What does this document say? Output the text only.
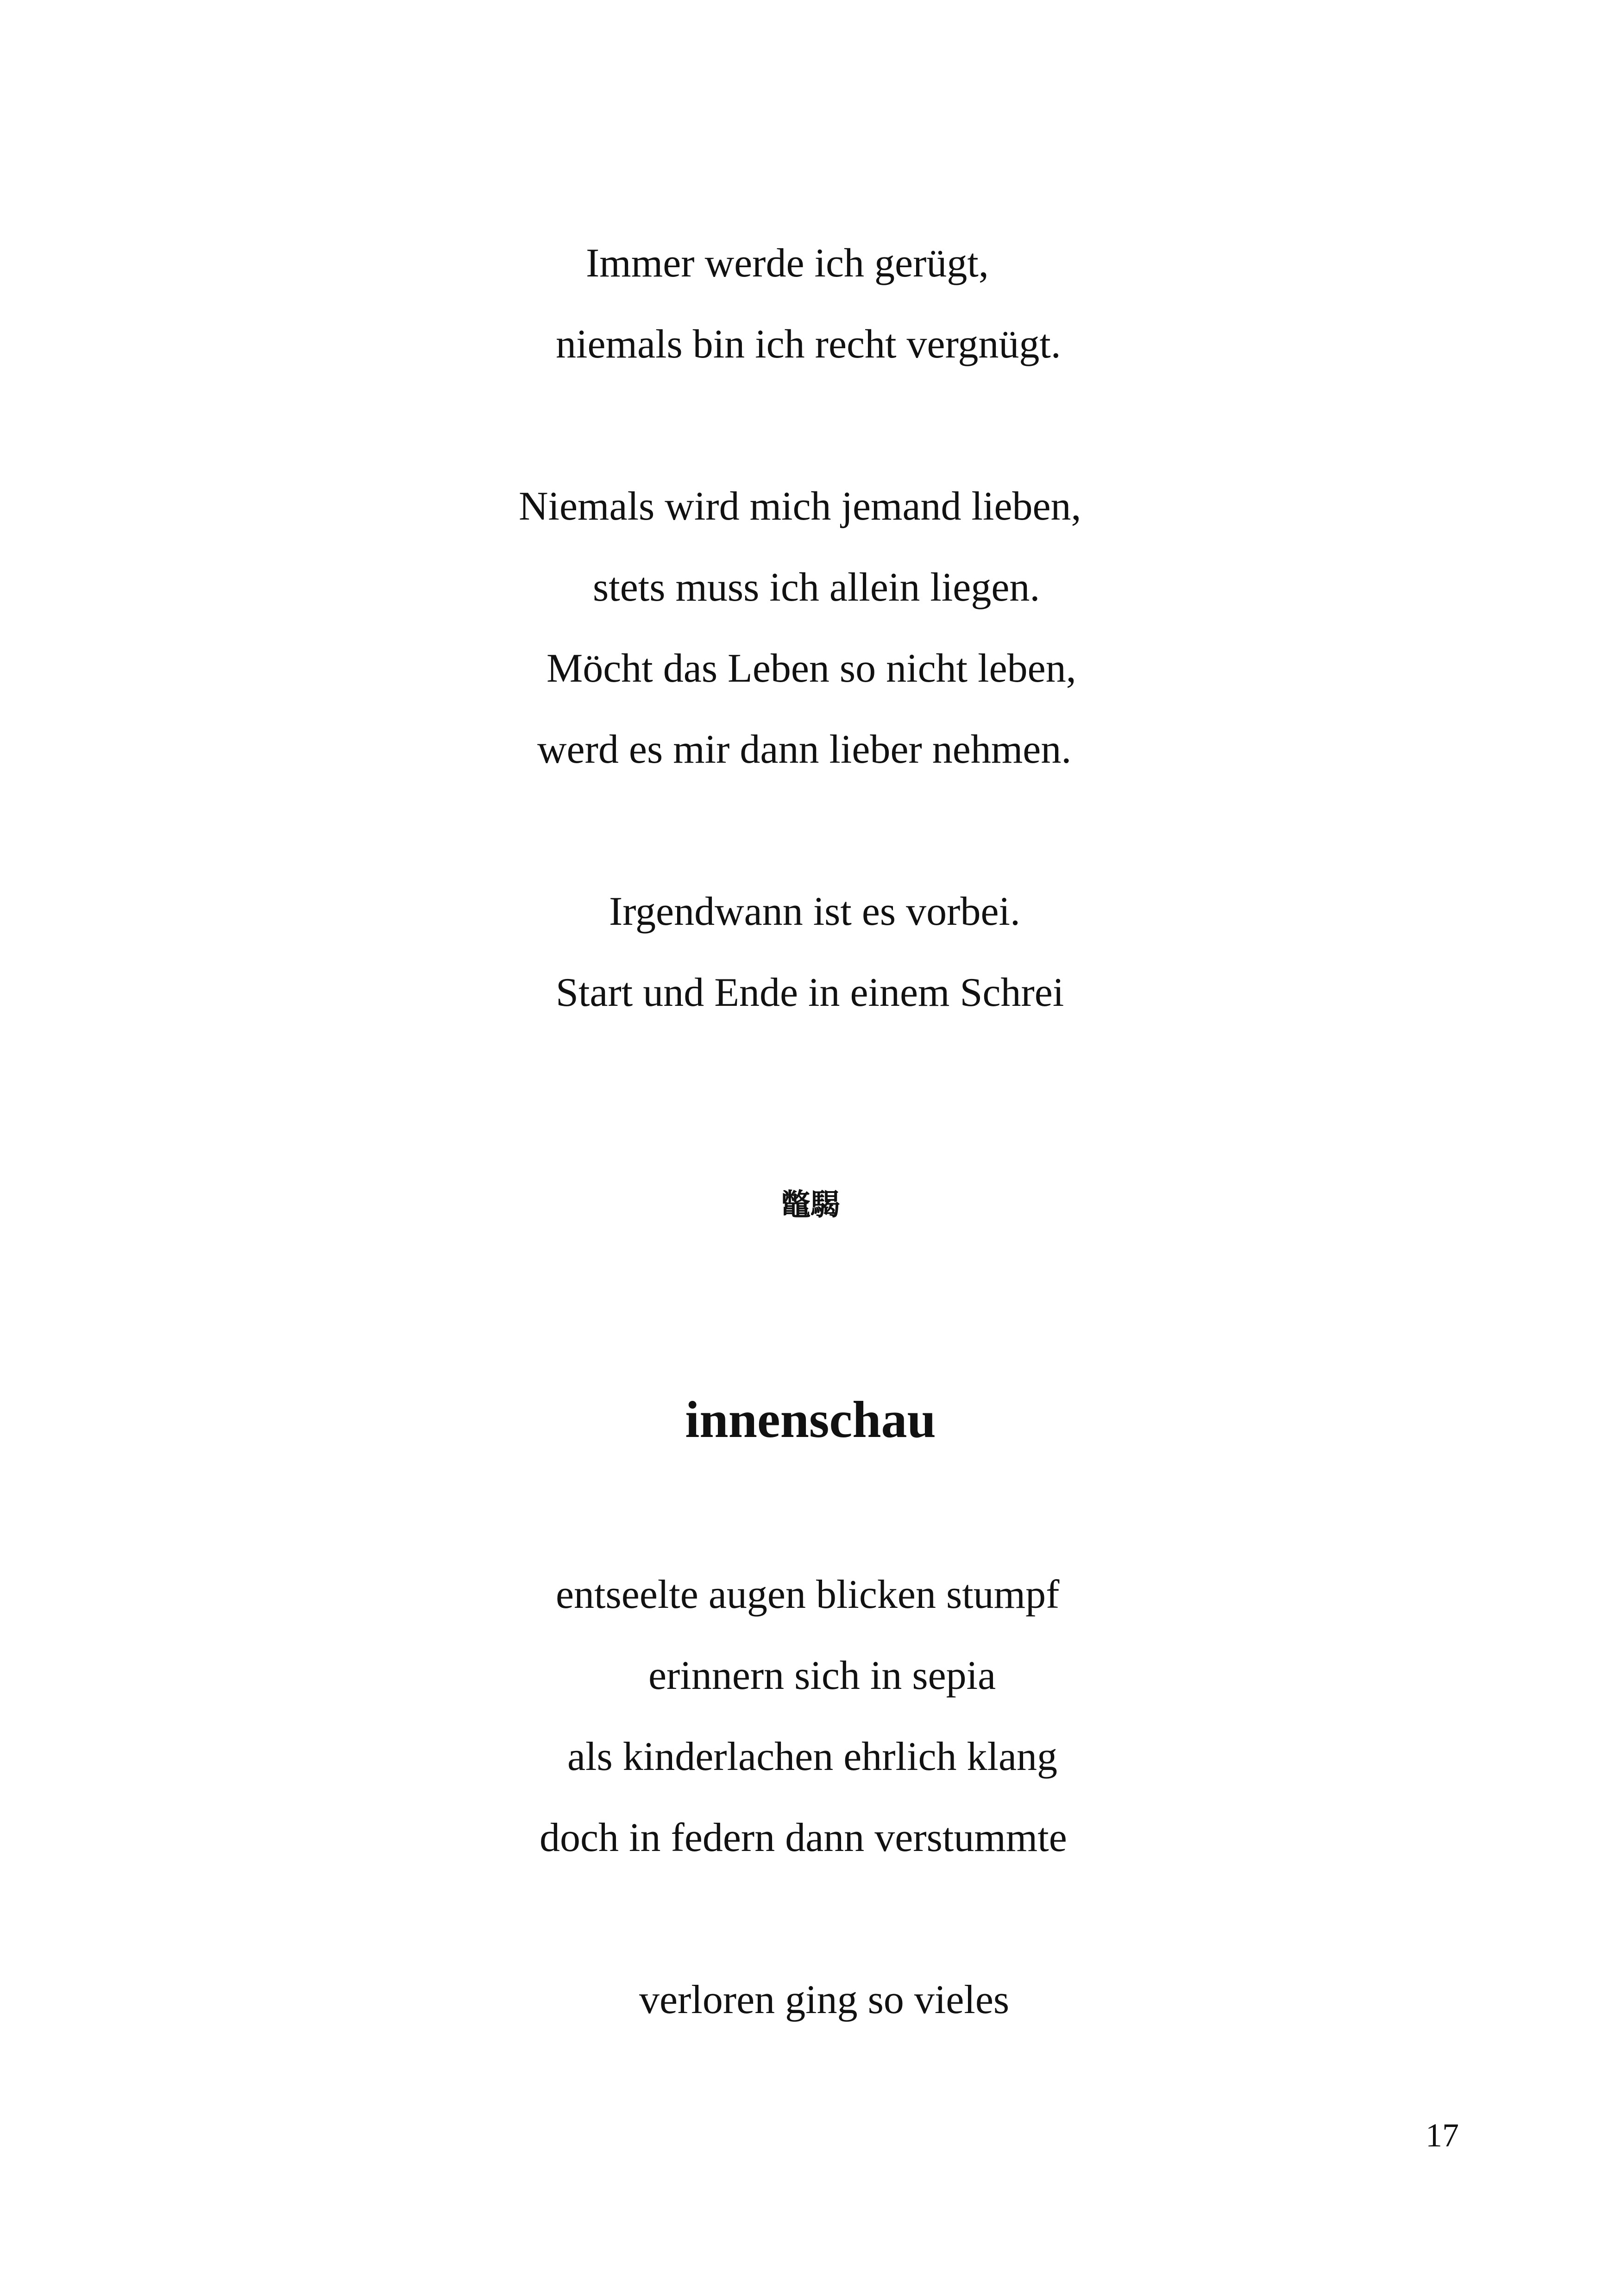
Immer werde ich gerügt,

niemals bin ich recht vergnügt.

Niemals wird mich jemand lieben,

stets muss ich allein liegen.

Möcht das Leben so nicht leben,

werd es mir dann lieber nehmen.

Irgendwann ist es vorbei.

Start und Ende in einem Schrei

鼈騔

innenschau

entseelte augen blicken stumpf

erinnern sich in sepia

als kinderlachen ehrlich klang

doch in federn dann verstummte

verloren ging so vieles

17
